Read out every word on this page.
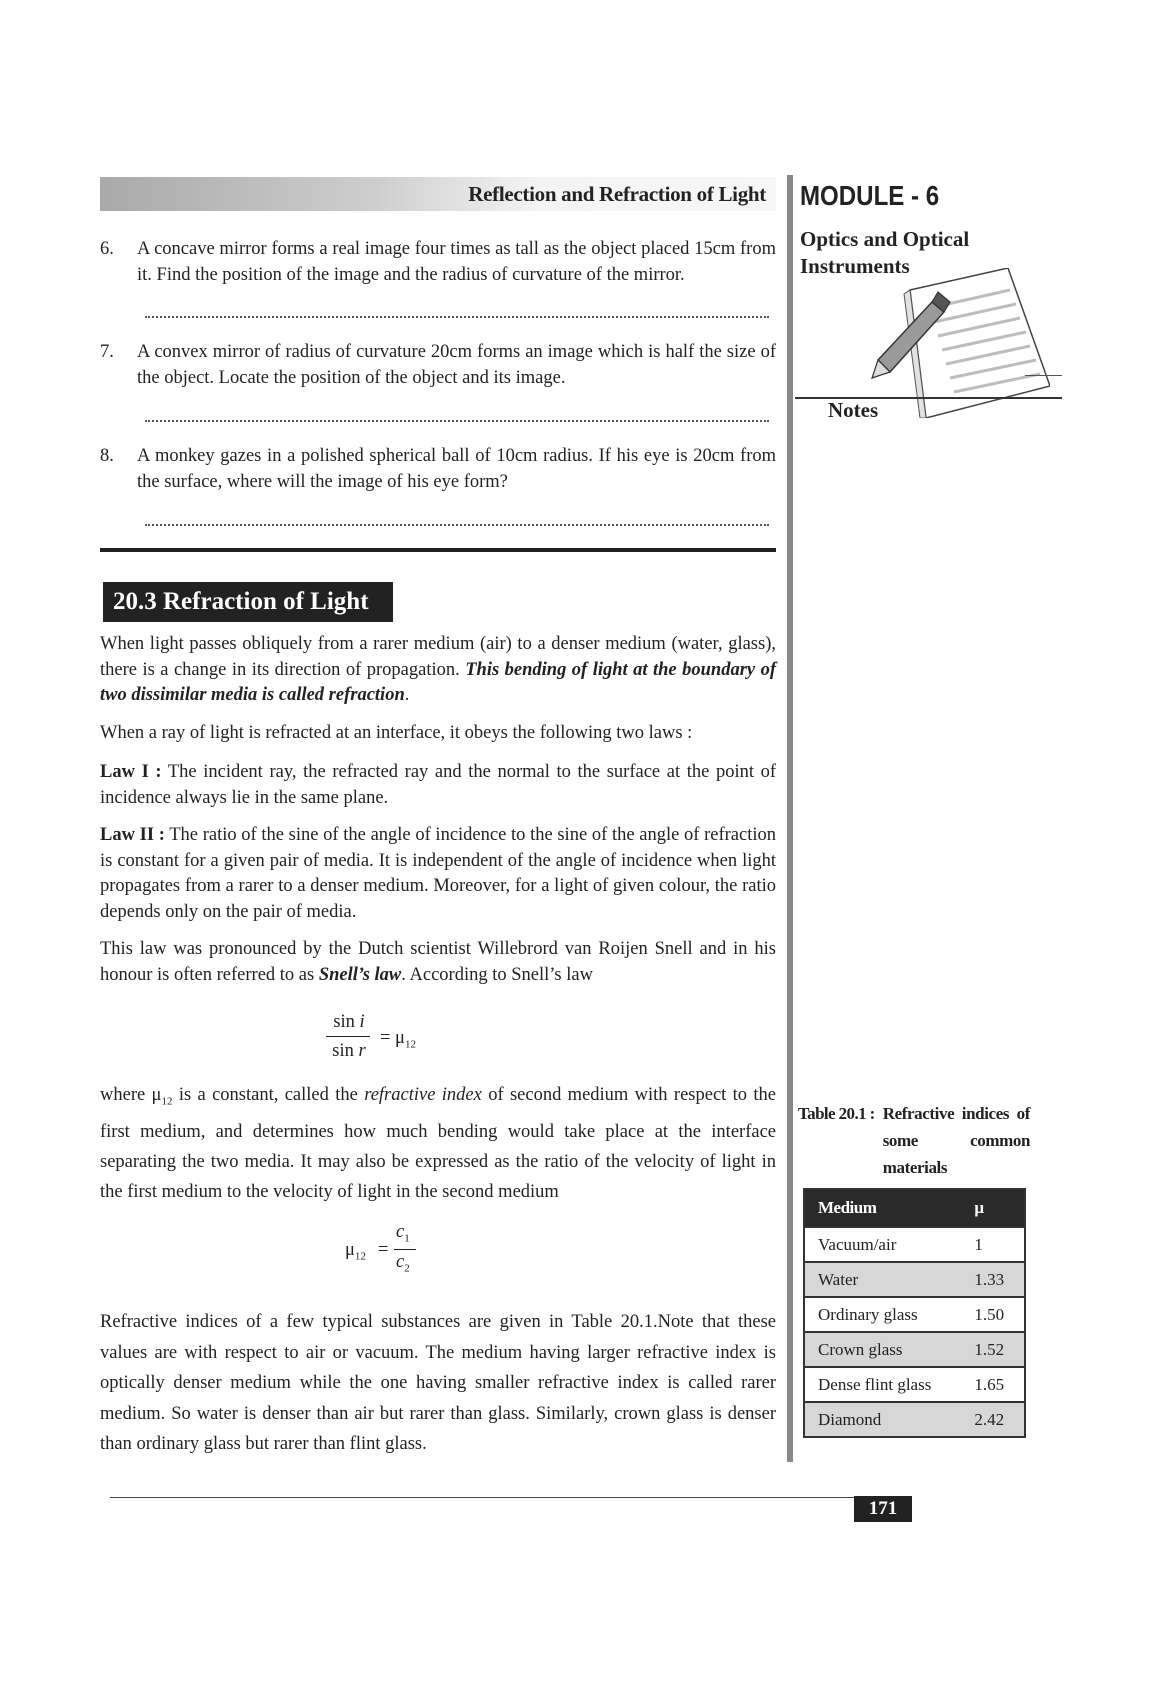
Reflection and Refraction of Light MODULE - 6
Optics and Optical
Instruments
Notes
6. A concave mirror forms a real image four times as tall as the object placed 15cm from it. Find the position of the image and the radius of curvature of the mirror.
7. A convex mirror of radius of curvature 20cm forms an image which is half the size of the object. Locate the position of the object and its image.
8. A monkey gazes in a polished spherical ball of 10cm radius. If his eye is 20cm from the surface, where will the image of his eye form?
20.3 Refraction of Light
When light passes obliquely from a rarer medium (air) to a denser medium (water, glass), there is a change in its direction of propagation. This bending of light at the boundary of two dissimilar media is called refraction.
When a ray of light is refracted at an interface, it obeys the following two laws :
Law I : The incident ray, the refracted ray and the normal to the surface at the point of incidence always lie in the same plane.
Law II : The ratio of the sine of the angle of incidence to the sine of the angle of refraction is constant for a given pair of media. It is independent of the angle of incidence when light propagates from a rarer to a denser medium. Moreover, for a light of given colour, the ratio depends only on the pair of media.
This law was pronounced by the Dutch scientist Willebrord van Roijen Snell and in his honour is often referred to as Snell’s law. According to Snell’s law
sin i
sin r
= $\mu_{12}$
where $\mu_{12}$ is a constant, called the refractive index of second medium with respect to the first medium, and determines how much bending would take place at the interface separating the two media. It may also be expressed as the ratio of the velocity of light in the first medium to the velocity of light in the second medium
$\mu_{12}$ =
$c_1$
$c_2$
Refractive indices of a few typical substances are given in Table 20.1.Note that these values are with respect to air or vacuum. The medium having larger refractive index is optically denser medium while the one having smaller refractive index is called rarer medium. So water is denser than air but rarer than glass. Similarly, crown glass is denser than ordinary glass but rarer than flint glass.
Table 20.1 : Refractive indices of some common materials
Medium	μ
Vacuum/air	1
Water	1.33
Ordinary glass	1.50
Crown glass	1.52
Dense flint glass	1.65
Diamond	2.42
171
